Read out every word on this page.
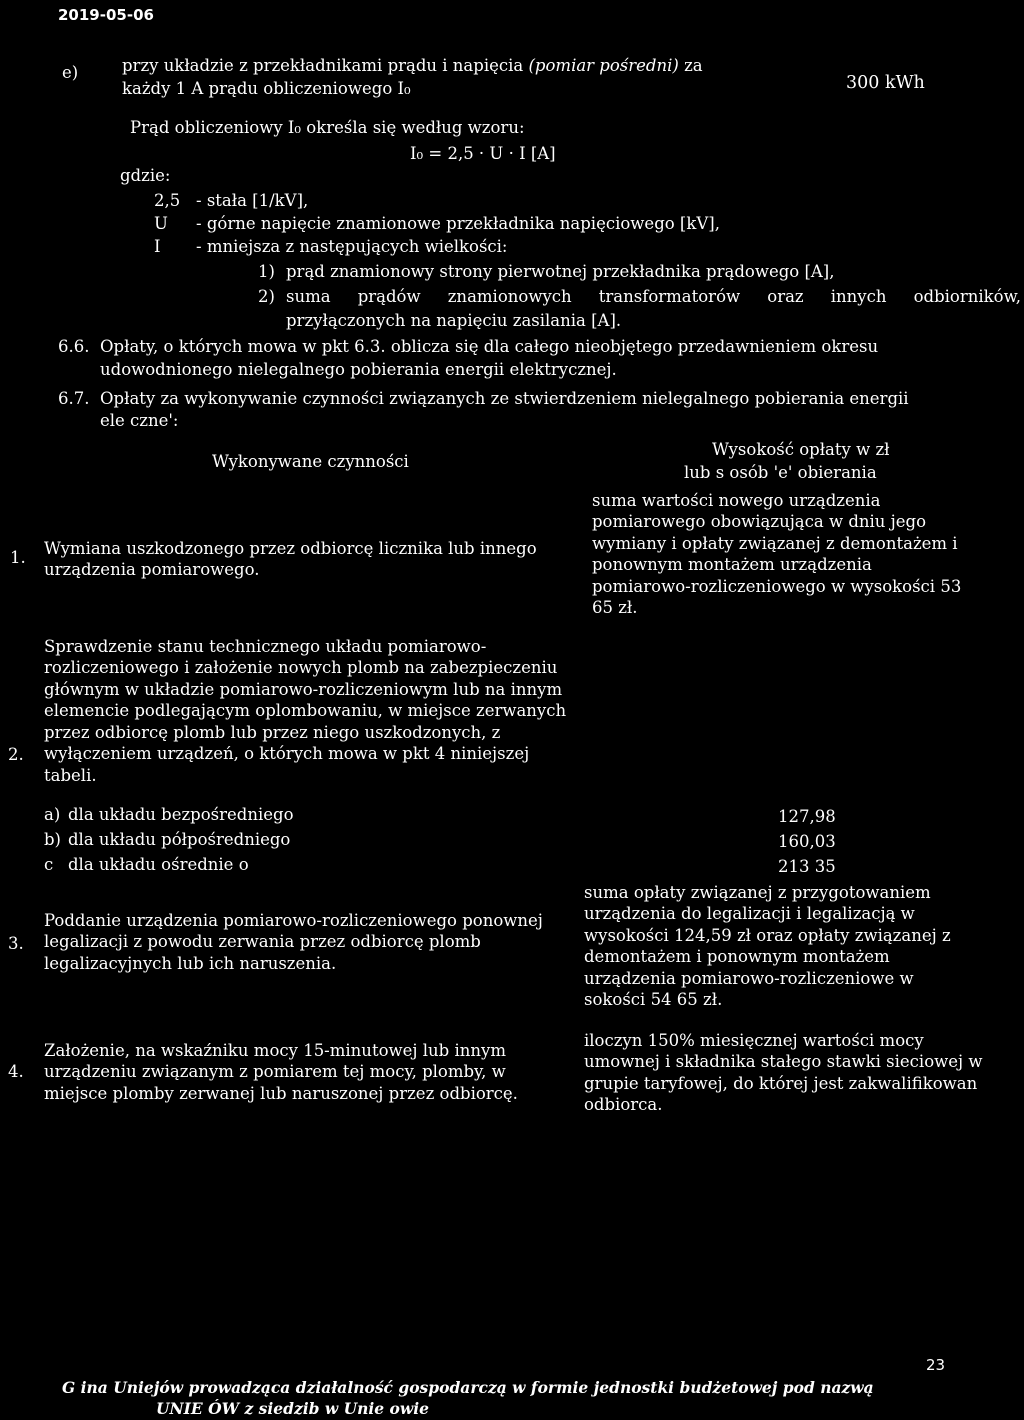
2019-05-06
e)	przy układzie z przekładnikami prądu i napięcia (pomiar pośredni) za
każdy 1 A prądu obliczeniowego I₀	300 kWh
Prąd obliczeniowy I₀ określa się według wzoru:
I₀ = 2,5 · U · I [A]
gdzie:
2,5 - stała [1/kV],
U - górne napięcie znamionowe przekładnika napięciowego [kV],
I - mniejsza z następujących wielkości:
1) prąd znamionowy strony pierwotnej przekładnika prądowego [A],
2) suma prądów znamionowych transformatorów oraz innych odbiorników,
przyłączonych na napięciu zasilania [A].
6.6. Opłaty, o których mowa w pkt 6.3. oblicza się dla całego nieobjętego przedawnieniem okresu
udowodnionego nielegalnego pobierania energii elektrycznej.
6.7. Opłaty za wykonywanie czynności związanych ze stwierdzeniem nielegalnego pobierania energii
ele czne':
Wykonywane czynności
Wysokość opłaty w zł
lub s osób 'e' obierania
1. Wymiana uszkodzonego przez odbiorcę licznika lub innego urządzenia pomiarowego.
suma wartości nowego urządzenia pomiarowego obowiązująca w dniu jego wymiany i opłaty związanej z demontażem i ponownym montażem urządzenia pomiarowo-rozliczeniowego w wysokości 53 65 zł.
2.
Sprawdzenie stanu technicznego układu pomiarowo-rozliczeniowego i założenie nowych plomb na zabezpieczeniu głównym w układzie pomiarowo-rozliczeniowym lub na innym elemencie podlegającym oplombowaniu, w miejsce zerwanych przez odbiorcę plomb lub przez niego uszkodzonych, z wyłączeniem urządzeń, o których mowa w pkt 4 niniejszej tabeli.
a) dla układu bezpośredniego	127,98
b) dla układu półpośredniego	160,03
c dla układu ośrednie o	213 35
3.
Poddanie urządzenia pomiarowo-rozliczeniowego ponownej legalizacji z powodu zerwania przez odbiorcę plomb legalizacyjnych lub ich naruszenia.
suma opłaty związanej z przygotowaniem urządzenia do legalizacji i legalizacją w wysokości 124,59 zł oraz opłaty związanej z demontażem i ponownym montażem urządzenia pomiarowo-rozliczeniowe w sokości 54 65 zł.
4.
Założenie, na wskaźniku mocy 15-minutowej lub innym urządzeniu związanym z pomiarem tej mocy, plomby, w miejsce plomby zerwanej lub naruszonej przez odbiorcę.
iloczyn 150% miesięcznej wartości mocy umownej i składnika stałego stawki sieciowej w grupie taryfowej, do której jest zakwalifikowan odbiorca.
23
G ina Uniejów prowadząca działalność gospodarczą w formie jednostki budżetowej pod nazwą
UNIE ÓW z siedzib w Unie owie
